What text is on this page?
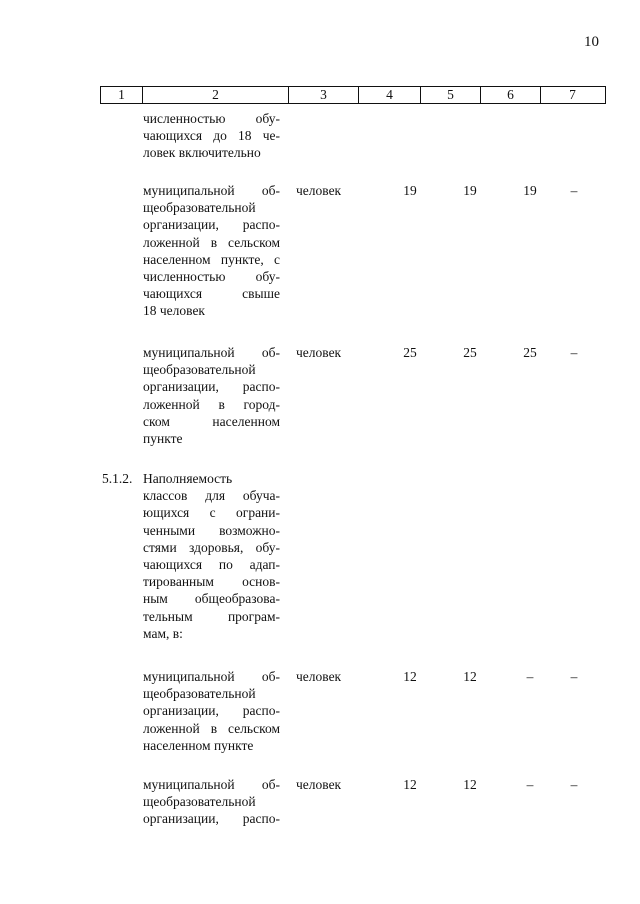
10
1	2	3	4	5	6	7
численностью обу-
чающихся до 18 че-
ловек включительно
муниципальной об-
щеобразовательной
организации, распо-
ложенной в сельском
населенном пункте, с
численностью обу-
чающихся свыше
18 человек
человек	19	19	19	–
муниципальной об-
щеобразовательной
организации, распо-
ложенной в город-
ском населенном
пункте
человек	25	25	25	–
5.1.2. Наполняемость
классов для обуча-
ющихся с ограни-
ченными возможно-
стями здоровья, обу-
чающихся по адап-
тированным основ-
ным общеобразова-
тельным програм-
мам, в:
муниципальной об-
щеобразовательной
организации, распо-
ложенной в сельском
населенном пункте
человек	12	12	–	–
муниципальной об-
щеобразовательной
организации, распо-
человек	12	12	–	–
